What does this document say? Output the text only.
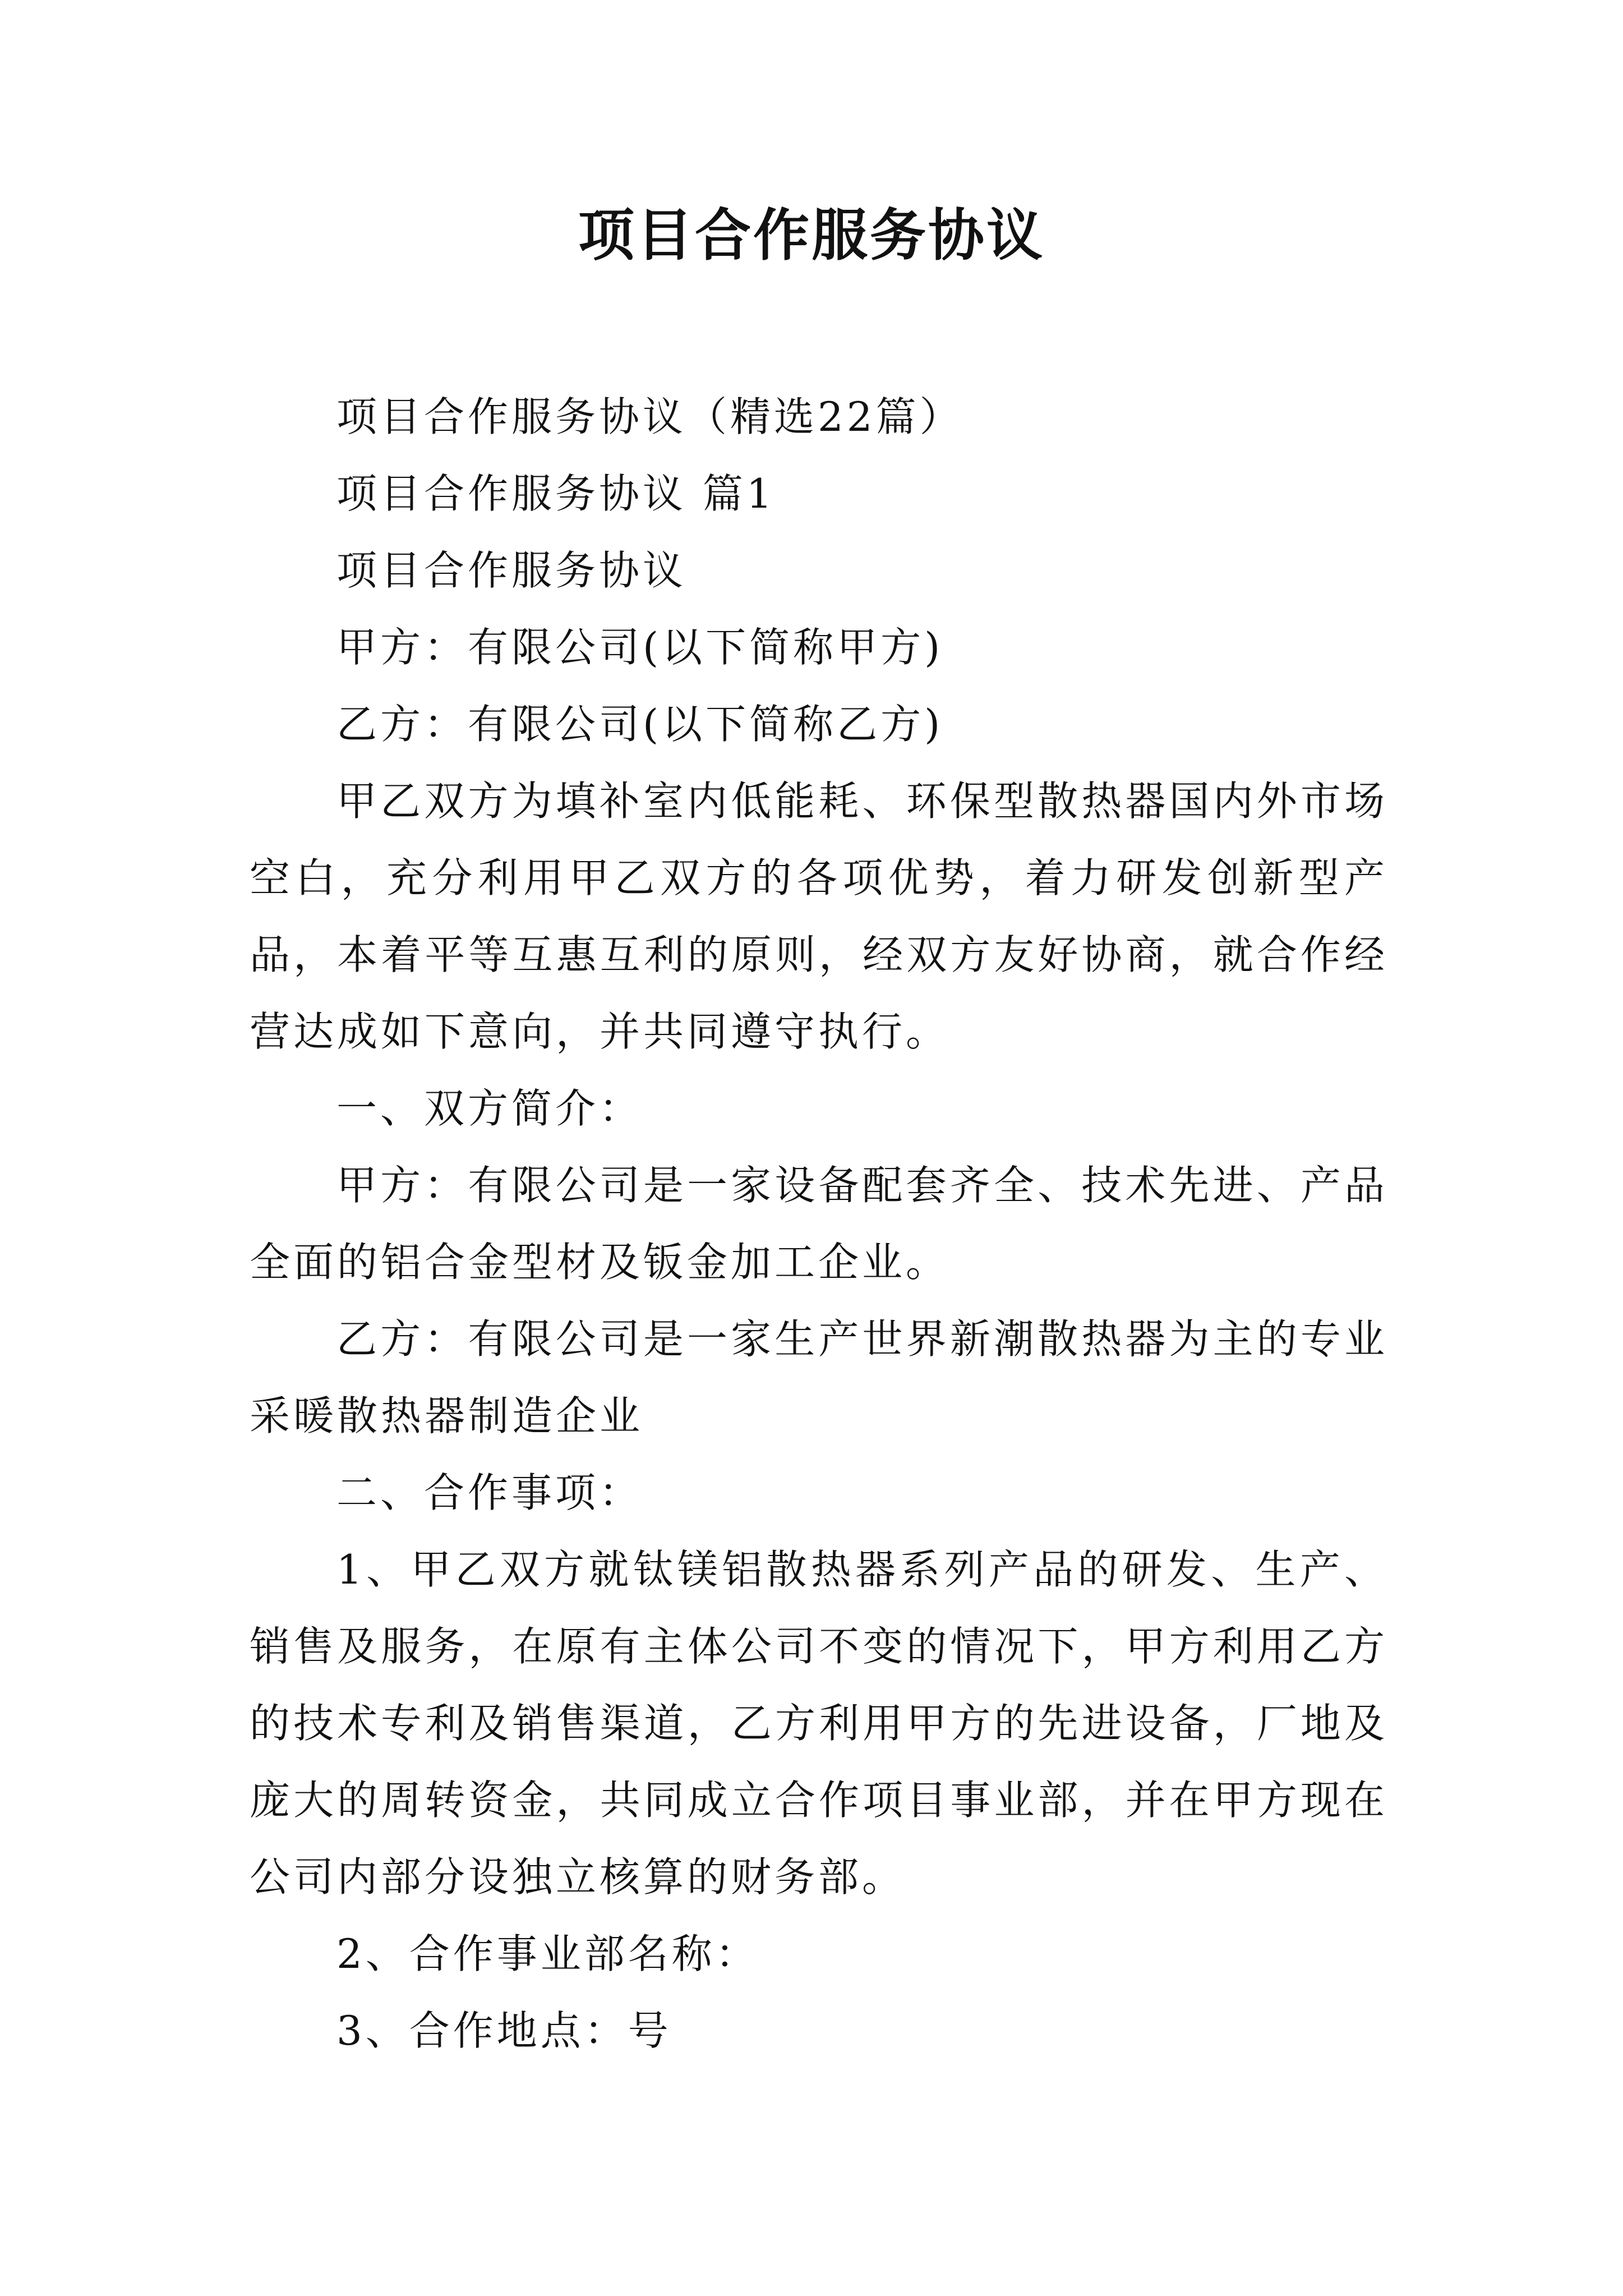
项目合作服务协议

项目合作服务协议（精选22篇）

项目合作服务协议 篇1

项目合作服务协议

甲方：有限公司(以下简称甲方)

乙方：有限公司(以下简称乙方)

甲乙双方为填补室内低能耗、环保型散热器国内外市场空白，充分利用甲乙双方的各项优势，着力研发创新型产品，本着平等互惠互利的原则，经双方友好协商，就合作经营达成如下意向，并共同遵守执行。

一、双方简介：

甲方：有限公司是一家设备配套齐全、技术先进、产品全面的铝合金型材及钣金加工企业。

乙方：有限公司是一家生产世界新潮散热器为主的专业采暖散热器制造企业

二、合作事项：

1、甲乙双方就钛镁铝散热器系列产品的研发、生产、销售及服务，在原有主体公司不变的情况下，甲方利用乙方的技术专利及销售渠道，乙方利用甲方的先进设备，厂地及庞大的周转资金，共同成立合作项目事业部，并在甲方现在公司内部分设独立核算的财务部。

2、合作事业部名称：

3、合作地点：号
